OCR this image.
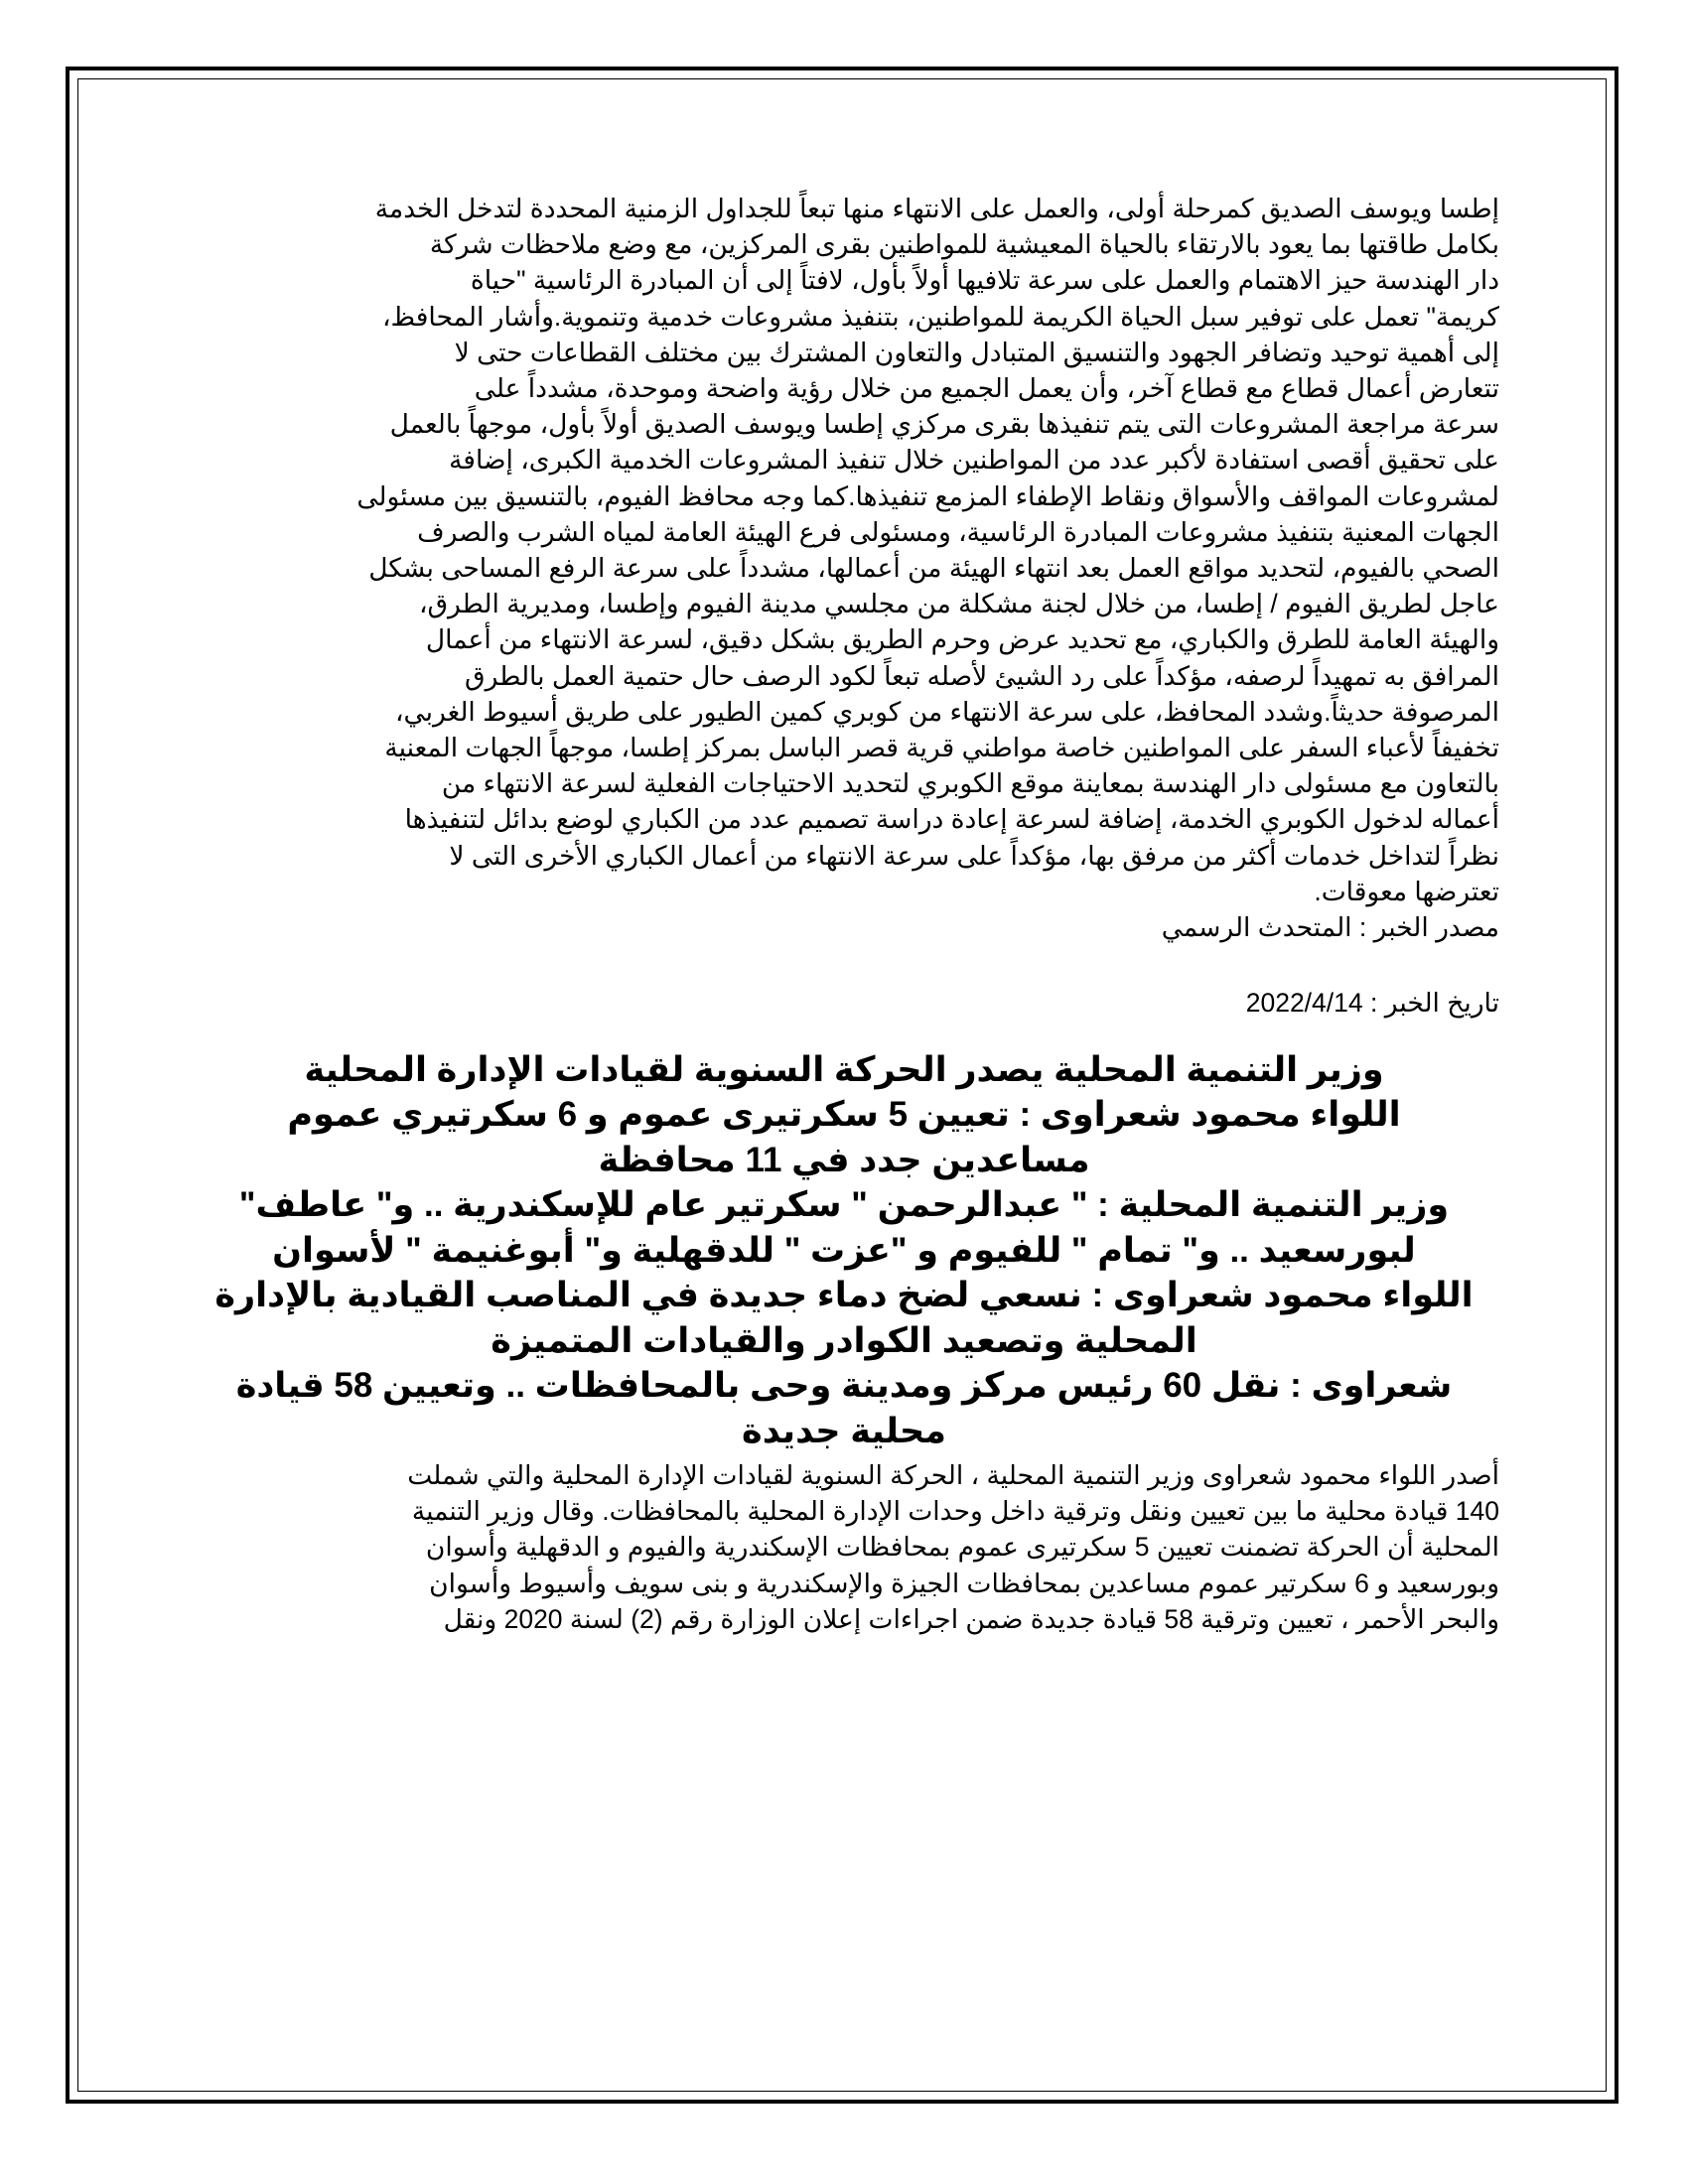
إطسا ويوسف الصديق كمرحلة أولى، والعمل على الانتهاء منها تبعاً للجداول الزمنية المحددة لتدخل الخدمة
بكامل طاقتها بما يعود بالارتقاء بالحياة المعيشية للمواطنين بقرى المركزين، مع وضع ملاحظات شركة
دار الهندسة حيز الاهتمام والعمل على سرعة تلافيها أولاً بأول، لافتاً إلى أن المبادرة الرئاسية "حياة
كريمة" تعمل على توفير سبل الحياة الكريمة للمواطنين، بتنفيذ مشروعات خدمية وتنموية.وأشار المحافظ،
إلى أهمية توحيد وتضافر الجهود والتنسيق المتبادل والتعاون المشترك بين مختلف القطاعات حتى لا
تتعارض أعمال قطاع مع قطاع آخر، وأن يعمل الجميع من خلال رؤية واضحة وموحدة، مشدداً على
سرعة مراجعة المشروعات التى يتم تنفيذها بقرى مركزي إطسا ويوسف الصديق أولاً بأول، موجهاً بالعمل
على تحقيق أقصى استفادة لأكبر عدد من المواطنين خلال تنفيذ المشروعات الخدمية الكبرى، إضافة
لمشروعات المواقف والأسواق ونقاط الإطفاء المزمع تنفيذها.كما وجه محافظ الفيوم، بالتنسيق بين مسئولى
الجهات المعنية بتنفيذ مشروعات المبادرة الرئاسية، ومسئولى فرع الهيئة العامة لمياه الشرب والصرف
الصحي بالفيوم، لتحديد مواقع العمل بعد انتهاء الهيئة من أعمالها، مشدداً على سرعة الرفع المساحى بشكل
عاجل لطريق الفيوم / إطسا، من خلال لجنة مشكلة من مجلسي مدينة الفيوم وإطسا، ومديرية الطرق،
والهيئة العامة للطرق والكباري، مع تحديد عرض وحرم الطريق بشكل دقيق، لسرعة الانتهاء من أعمال
المرافق به تمهيداً لرصفه، مؤكداً على رد الشيئ لأصله تبعاً لكود الرصف حال حتمية العمل بالطرق
المرصوفة حديثاً.وشدد المحافظ، على سرعة الانتهاء من كوبري كمين الطيور على طريق أسيوط الغربي،
تخفيفاً لأعباء السفر على المواطنين خاصة مواطني قرية قصر الباسل بمركز إطسا، موجهاً الجهات المعنية
بالتعاون مع مسئولى دار الهندسة بمعاينة موقع الكوبري لتحديد الاحتياجات الفعلية لسرعة الانتهاء من
أعماله لدخول الكوبري الخدمة، إضافة لسرعة إعادة دراسة تصميم عدد من الكباري لوضع بدائل لتنفيذها
نظراً لتداخل خدمات أكثر من مرفق بها، مؤكداً على سرعة الانتهاء من أعمال الكباري الأخرى التى لا
تعترضها معوقات.

مصدر الخبر : المتحدث الرسمي

تاريخ الخبر : 2022/4/14

وزير التنمية المحلية يصدر الحركة السنوية لقيادات الإدارة المحلية

اللواء محمود شعراوى : تعيين 5 سكرتيرى عموم و 6 سكرتيري عموم

مساعدين جدد في 11 محافظة

وزير التنمية المحلية : " عبدالرحمن " سكرتير عام للإسكندرية .. و" عاطف"

لبورسعيد .. و" تمام " للفيوم و "عزت " للدقهلية و" أبوغنيمة " لأسوان

اللواء محمود شعراوى : نسعي لضخ دماء جديدة في المناصب القيادية بالإدارة

المحلية وتصعيد الكوادر والقيادات المتميزة

شعراوى : نقل 60 رئيس مركز ومدينة وحى بالمحافظات .. وتعيين 58 قيادة

محلية جديدة

أصدر اللواء محمود شعراوى وزير التنمية المحلية ، الحركة السنوية لقيادات الإدارة المحلية والتي شملت
140 قيادة محلية ما بين تعيين ونقل وترقية داخل وحدات الإدارة المحلية بالمحافظات. وقال وزير التنمية
المحلية أن الحركة تضمنت تعيين 5 سكرتيرى عموم بمحافظات الإسكندرية والفيوم و الدقهلية وأسوان
وبورسعيد و 6 سكرتير عموم مساعدين بمحافظات الجيزة والإسكندرية و بنى سويف وأسيوط وأسوان
والبحر الأحمر ، تعيين وترقية 58 قيادة جديدة ضمن اجراءات إعلان الوزارة رقم (2) لسنة 2020 ونقل
